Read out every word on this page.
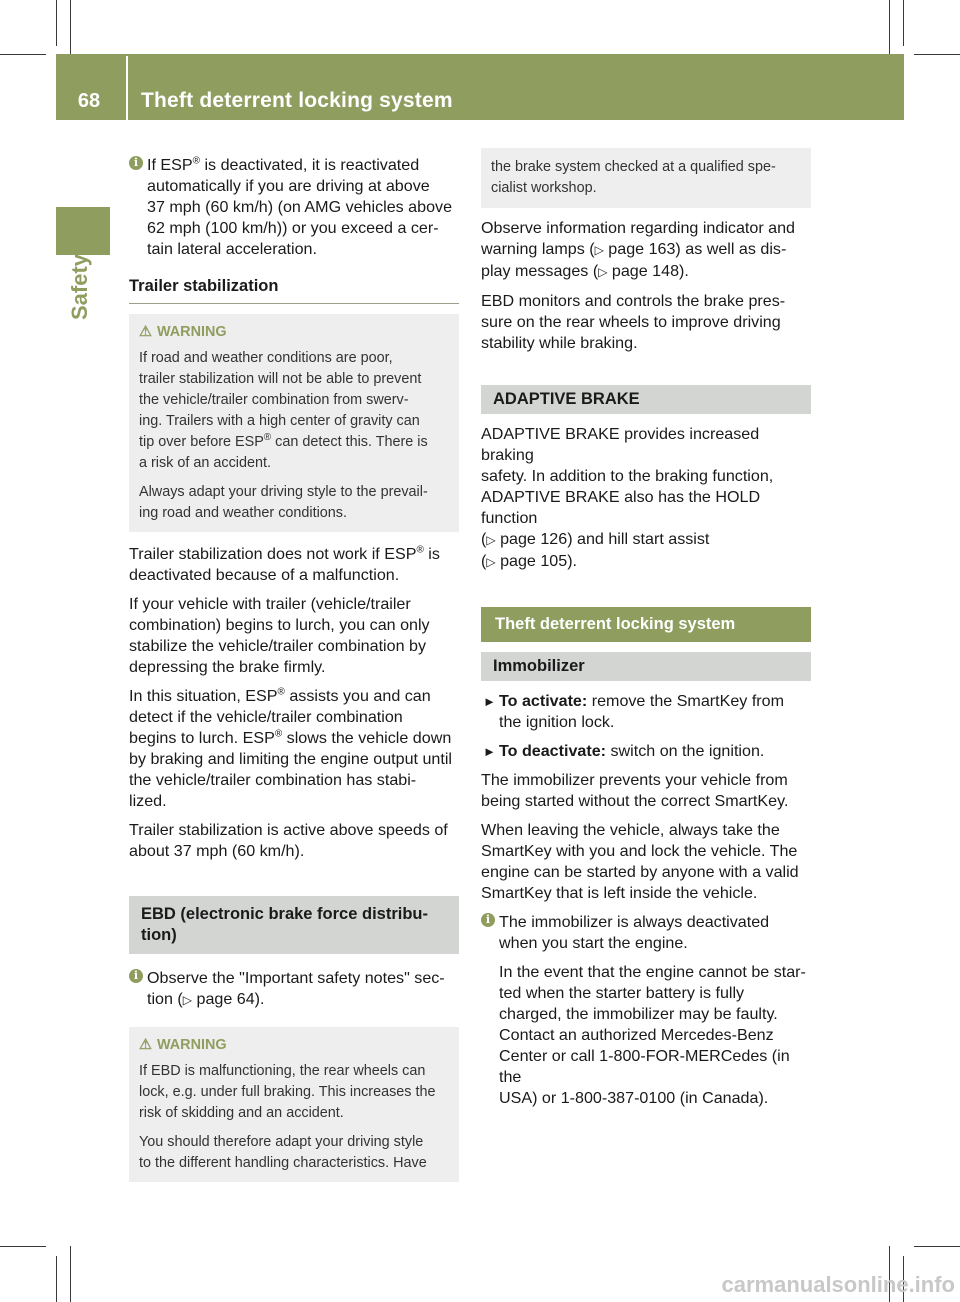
68	Theft deterrent locking system
Safety
i If ESP® is deactivated, it is reactivated

automatically if you are driving at above

37 mph (60 km/h) (on AMG vehicles above

62 mph (100 km/h)) or you exceed a cer-

tain lateral acceleration.

Trailer stabilization

⚠ WARNING

If road and weather conditions are poor,

trailer stabilization will not be able to prevent

the vehicle/trailer combination from swerv-

ing. Trailers with a high center of gravity can

tip over before ESP® can detect this. There is

a risk of an accident.

Always adapt your driving style to the prevail-

ing road and weather conditions.

Trailer stabilization does not work if ESP® is

deactivated because of a malfunction.

If your vehicle with trailer (vehicle/trailer

combination) begins to lurch, you can only

stabilize the vehicle/trailer combination by

depressing the brake firmly.

In this situation, ESP® assists you and can

detect if the vehicle/trailer combination

begins to lurch. ESP® slows the vehicle down

by braking and limiting the engine output until

the vehicle/trailer combination has stabi-

lized.

Trailer stabilization is active above speeds of

about 37 mph (60 km/h).

EBD (electronic brake force distribu-
tion)
i Observe the "Important safety notes" sec-

tion (▷ page 64).

⚠ WARNING

If EBD is malfunctioning, the rear wheels can

lock, e.g. under full braking. This increases the

risk of skidding and an accident.

You should therefore adapt your driving style

to the different handling characteristics. Have

the brake system checked at a qualified spe-

cialist workshop.

Observe information regarding indicator and

warning lamps (▷ page 163) as well as dis-

play messages (▷ page 148).

EBD monitors and controls the brake pres-

sure on the rear wheels to improve driving

stability while braking.

ADAPTIVE BRAKE

ADAPTIVE BRAKE provides increased braking

safety. In addition to the braking function,

ADAPTIVE BRAKE also has the HOLD function

(▷ page 126) and hill start assist

(▷ page 105).

Theft deterrent locking system
Immobilizer
► To activate: remove the SmartKey from

the ignition lock.

► To deactivate: switch on the ignition.

The immobilizer prevents your vehicle from

being started without the correct SmartKey.

When leaving the vehicle, always take the

SmartKey with you and lock the vehicle. The

engine can be started by anyone with a valid

SmartKey that is left inside the vehicle.

i The immobilizer is always deactivated

when you start the engine.

In the event that the engine cannot be star-

ted when the starter battery is fully

charged, the immobilizer may be faulty.

Contact an authorized Mercedes-Benz

Center or call 1-800-FOR-MERCedes (in the

USA) or 1-800-387-0100 (in Canada).

carmanualsonline.info
